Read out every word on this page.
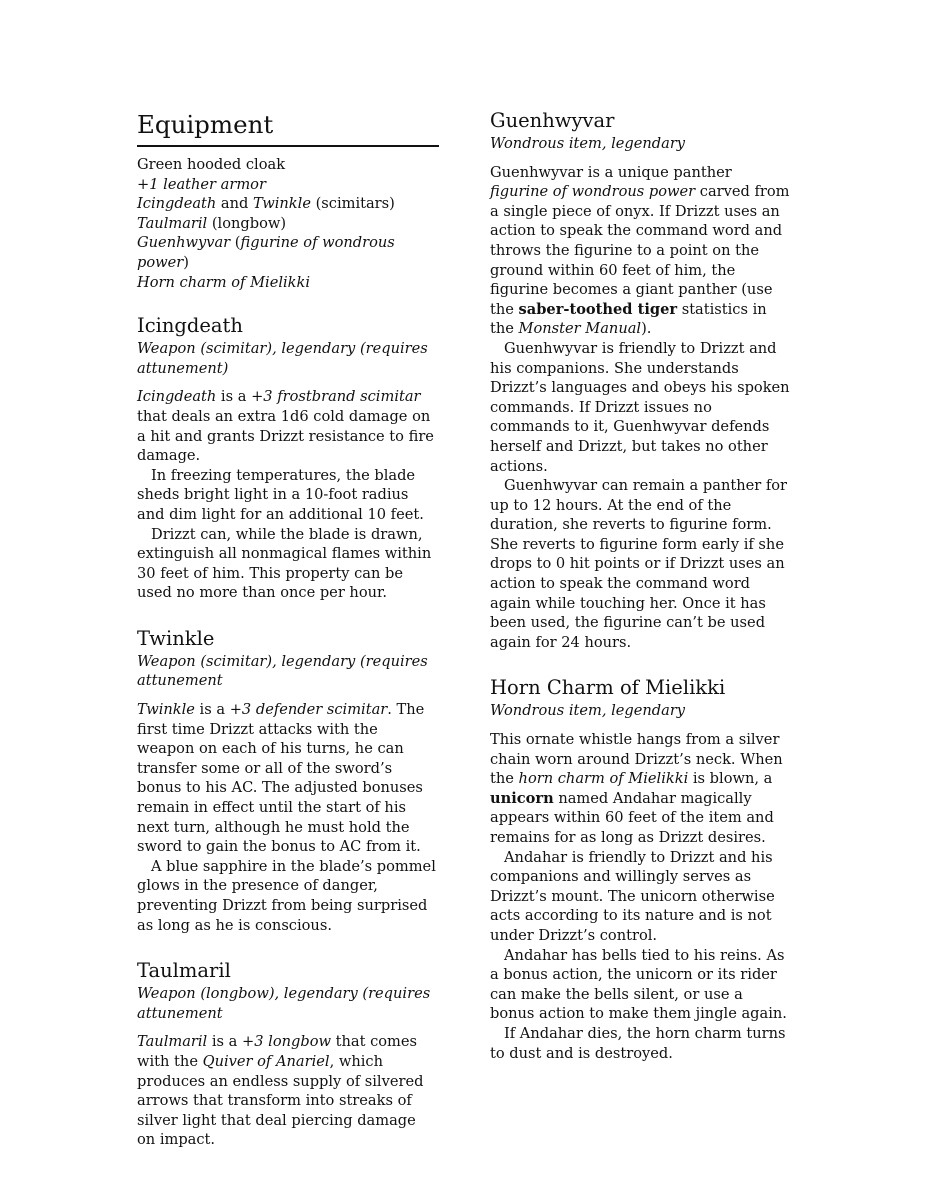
Equipment

Green hooded cloak

+1 leather armor

Icingdeath and Twinkle (scimitars)

Taulmaril (longbow)

Guenhwyvar (figurine of wondrous power)

Horn charm of Mielikki

Icingdeath

Weapon (scimitar), legendary (requires attunement)

Icingdeath is a +3 frostbrand scimitar that deals an extra 1d6 cold damage on a hit and grants Drizzt resistance to fire damage.

In freezing temperatures, the blade sheds bright light in a 10-foot radius and dim light for an additional 10 feet.

Drizzt can, while the blade is drawn, extinguish all nonmagical flames within 30 feet of him. This property can be used no more than once per hour.

Twinkle

Weapon (scimitar), legendary (requires attunement

Twinkle is a +3 defender scimitar. The first time Drizzt attacks with the weapon on each of his turns, he can transfer some or all of the sword’s bonus to his AC. The adjusted bonuses remain in effect until the start of his next turn, although he must hold the sword to gain the bonus to AC from it.

A blue sapphire in the blade’s pommel glows in the presence of danger, preventing Drizzt from being surprised as long as he is conscious.

Taulmaril

Weapon (longbow), legendary (requires attunement

Taulmaril is a +3 longbow that comes with the Quiver of Anariel, which produces an endless supply of silvered arrows that transform into streaks of silver light that deal piercing damage on impact.

Guenhwyvar

Wondrous item, legendary

Guenhwyvar is a unique panther figurine of wondrous power carved from a single piece of onyx. If Drizzt uses an action to speak the command word and throws the figurine to a point on the ground within 60 feet of him, the figurine becomes a giant panther (use the saber-toothed tiger statistics in the Monster Manual).

Guenhwyvar is friendly to Drizzt and his companions. She understands Drizzt’s languages and obeys his spoken commands. If Drizzt issues no commands to it, Guenhwyvar defends herself and Drizzt, but takes no other actions.

Guenhwyvar can remain a panther for up to 12 hours. At the end of the duration, she reverts to figurine form. She reverts to figurine form early if she drops to 0 hit points or if Drizzt uses an action to speak the command word again while touching her. Once it has been used, the figurine can’t be used again for 24 hours.

Horn Charm of Mielikki

Wondrous item, legendary

This ornate whistle hangs from a silver chain worn around Drizzt’s neck. When the horn charm of Mielikki is blown, a unicorn named Andahar magically appears within 60 feet of the item and remains for as long as Drizzt desires.

Andahar is friendly to Drizzt and his companions and willingly serves as Drizzt’s mount. The unicorn otherwise acts according to its nature and is not under Drizzt’s control.

Andahar has bells tied to his reins. As a bonus action, the unicorn or its rider can make the bells silent, or use a bonus action to make them jingle again.

If Andahar dies, the horn charm turns to dust and is destroyed.
